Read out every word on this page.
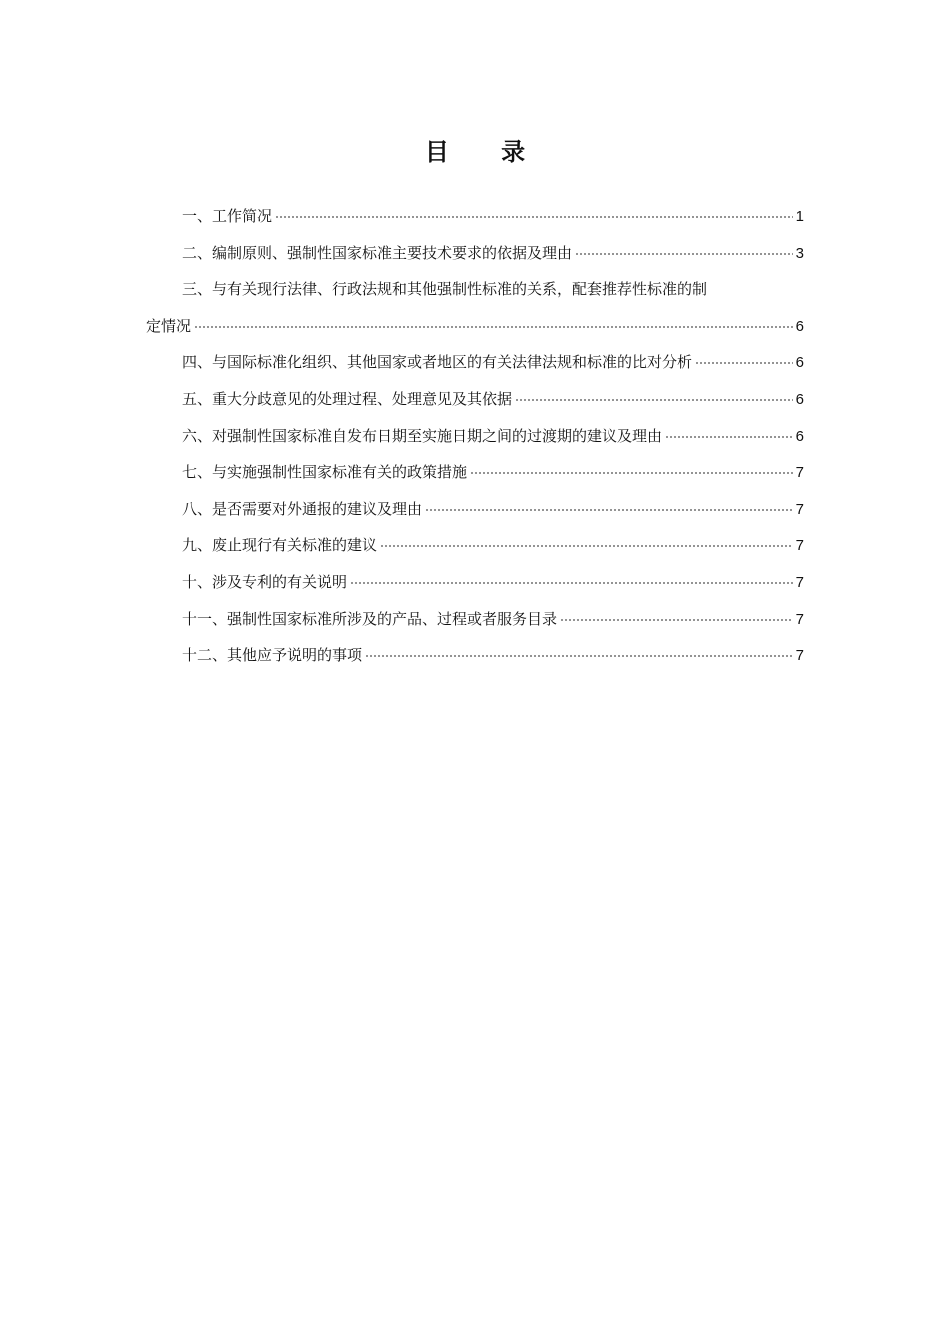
目 录
一、工作简况	1
二、编制原则、强制性国家标准主要技术要求的依据及理由	3
三、与有关现行法律、行政法规和其他强制性标准的关系，配套推荐性标准的制
定情况	6
四、与国际标准化组织、其他国家或者地区的有关法律法规和标准的比对分析	6
五、重大分歧意见的处理过程、处理意见及其依据	6
六、对强制性国家标准自发布日期至实施日期之间的过渡期的建议及理由	6
七、与实施强制性国家标准有关的政策措施	7
八、是否需要对外通报的建议及理由	7
九、废止现行有关标准的建议	7
十、涉及专利的有关说明	7
十一、强制性国家标准所涉及的产品、过程或者服务目录	7
十二、其他应予说明的事项	7
